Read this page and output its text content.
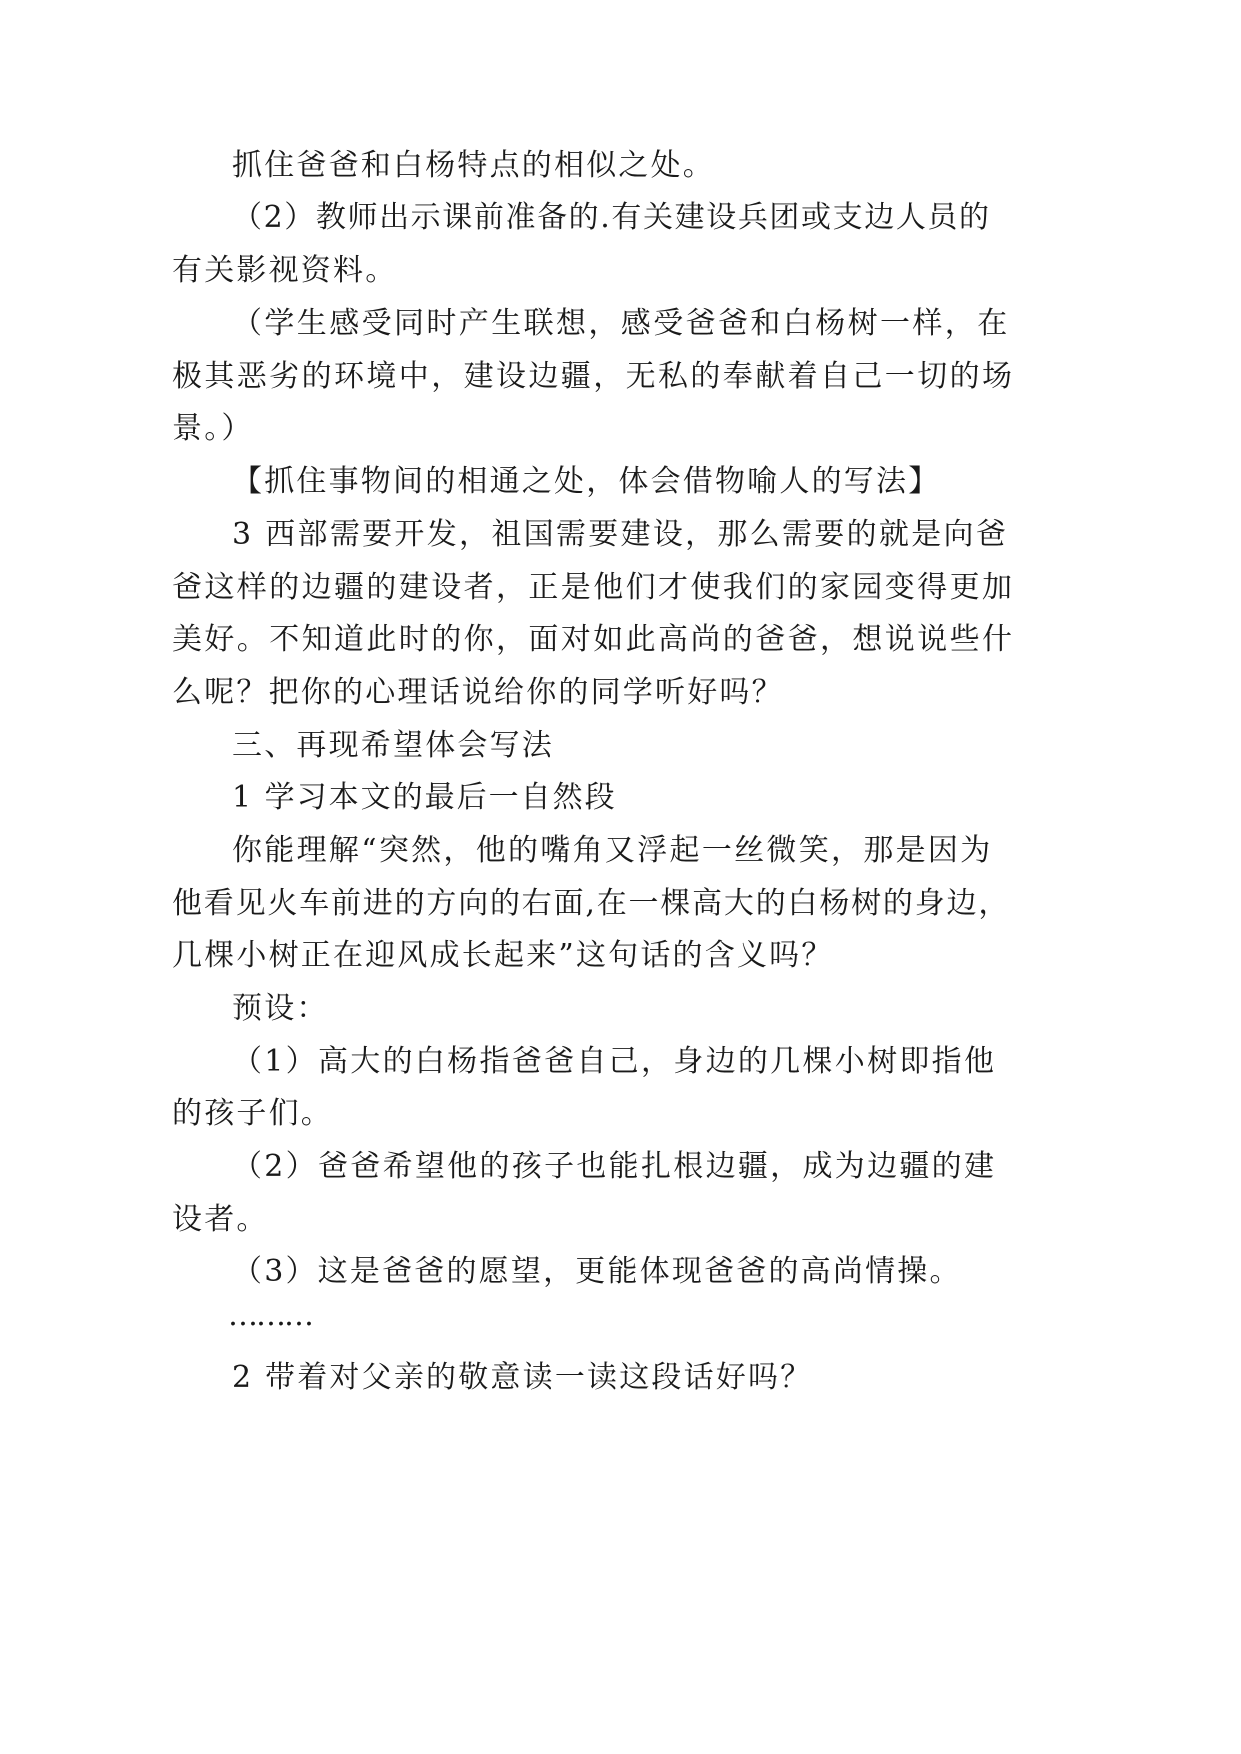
抓住爸爸和白杨特点的相似之处。
（2）教师出示课前准备的.有关建设兵团或支边人员的
有关影视资料。
（学生感受同时产生联想，感受爸爸和白杨树一样，在
极其恶劣的环境中，建设边疆，无私的奉献着自己一切的场
景。）
【抓住事物间的相通之处，体会借物喻人的写法】
3 西部需要开发，祖国需要建设，那么需要的就是向爸
爸这样的边疆的建设者，正是他们才使我们的家园变得更加
美好。不知道此时的你，面对如此高尚的爸爸，想说说些什
么呢？把你的心理话说给你的同学听好吗？
三、再现希望体会写法
1 学习本文的最后一自然段
你能理解“突然，他的嘴角又浮起一丝微笑，那是因为
他看见火车前进的方向的右面,在一棵高大的白杨树的身边，
几棵小树正在迎风成长起来”这句话的含义吗？
预设：
（1）高大的白杨指爸爸自己，身边的几棵小树即指他
的孩子们。
（2）爸爸希望他的孩子也能扎根边疆，成为边疆的建
设者。
（3）这是爸爸的愿望，更能体现爸爸的高尚情操。
………
2 带着对父亲的敬意读一读这段话好吗？
